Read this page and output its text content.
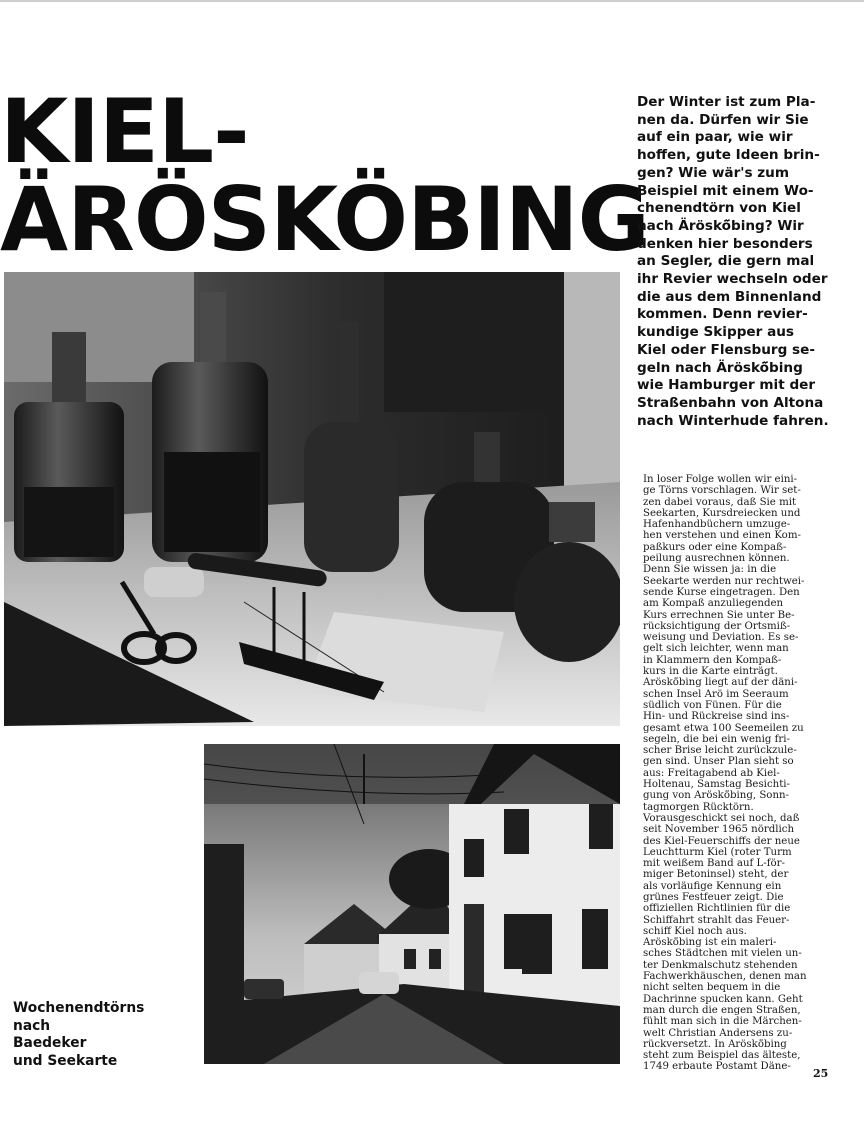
KIEL-
ÄRÖSKÖBING
Der Winter ist zum Pla-
nen da. Dürfen wir Sie
auf ein paar, wie wir
hoffen, gute Ideen brin-
gen? Wie wär's zum
Beispiel mit einem Wo-
chenendtörn von Kiel
nach Äröskö̈bing? Wir
denken hier besonders
an Segler, die gern mal
ihr Revier wechseln oder
die aus dem Binnenland
kommen. Denn revier-
kundige Skipper aus
Kiel oder Flensburg se-
geln nach Äröskö̈bing
wie Hamburger mit der
Straßenbahn von Altona
nach Winterhude fahren.
In loser Folge wollen wir eini-
ge Törns vorschlagen. Wir set-
zen dabei voraus, daß Sie mit
Seekarten, Kursdreiecken und
Hafenhandbüchern umzuge-
hen verstehen und einen Kom-
paßkurs oder eine Kompaß-
peilung ausrechnen können.
Denn Sie wissen ja: in die
Seekarte werden nur rechtwei-
sende Kurse eingetragen. Den
am Kompaß anzuliegenden
Kurs errechnen Sie unter Be-
rücksichtigung der Ortsmiß-
weisung und Deviation. Es se-
gelt sich leichter, wenn man
in Klammern den Kompaß-
kurs in die Karte einträgt.
Äröskö̈bing liegt auf der däni-
schen Insel Ärö im Seeraum
südlich von Fünen. Für die
Hin- und Rückreise sind ins-
gesamt etwa 100 Seemeilen zu
segeln, die bei ein wenig fri-
scher Brise leicht zurückzule-
gen sind. Unser Plan sieht so
aus: Freitagabend ab Kiel-
Holtenau, Samstag Besichti-
gung von Äröskö̈bing, Sonn-
tagmorgen Rücktörn.
Vorausgeschickt sei noch, daß
seit November 1965 nördlich
des Kiel-Feuerschiffs der neue
Leuchtturm Kiel (roter Turm
mit weißem Band auf L-för-
miger Betoninsel) steht, der
als vorläufige Kennung ein
grünes Festfeuer zeigt. Die
offiziellen Richtlinien für die
Schiffahrt strahlt das Feuer-
schiff Kiel noch aus.
Äröskö̈bing ist ein maleri-
sches Städtchen mit vielen un-
ter Denkmalschutz stehenden
Fachwerkhäuschen, denen man
nicht selten bequem in die
Dachrinne spucken kann. Geht
man durch die engen Straßen,
fühlt man sich in die Märchen-
welt Christian Andersens zu-
rückversetzt. In Äröskö̈bing
steht zum Beispiel das älteste,
1749 erbaute Postamt Däne-
Wochenendtörns
nach
Baedeker
und Seekarte
25
